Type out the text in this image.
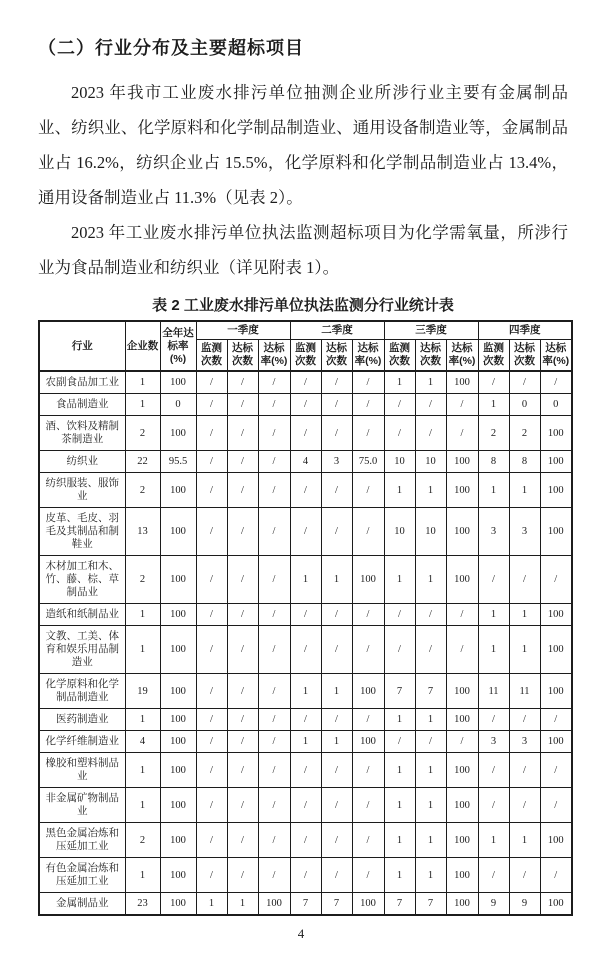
（二）行业分布及主要超标项目

2023 年我市工业废水排污单位抽测企业所涉行业主要有金属制品业、纺织业、化学原料和化学制品制造业、通用设备制造业等，金属制品业占 16.2%，纺织企业占 15.5%，化学原料和化学制品制造业占 13.4%，通用设备制造业占 11.3%（见表 2）。

2023 年工业废水排污单位执法监测超标项目为化学需氧量，所涉行业为食品制造业和纺织业（详见附表 1）。

表 2 工业废水排污单位执法监测分行业统计表
行业	企业数	全年达标率(%)	一季度			二季度			三季度			四季度		
			监测次数	达标次数	达标率(%)	监测次数	达标次数	达标率(%)	监测次数	达标次数	达标率(%)	监测次数	达标次数	达标率(%)
农副食品加工业	1	100	/	/	/	/	/	/	1	1	100	/	/	/
食品制造业	1	0	/	/	/	/	/	/	/	/	/	1	0	0
酒、饮料及精制茶制造业	2	100	/	/	/	/	/	/	/	/	/	2	2	100
纺织业	22	95.5	/	/	/	4	3	75.0	10	10	100	8	8	100
纺织服装、服饰业	2	100	/	/	/	/	/	/	1	1	100	1	1	100
皮革、毛皮、羽毛及其制品和制鞋业	13	100	/	/	/	/	/	/	10	10	100	3	3	100
木材加工和木、竹、藤、棕、草制品业	2	100	/	/	/	1	1	100	1	1	100	/	/	/
造纸和纸制品业	1	100	/	/	/	/	/	/	/	/	/	1	1	100
文教、工美、体育和娱乐用品制造业	1	100	/	/	/	/	/	/	/	/	/	1	1	100
化学原料和化学制品制造业	19	100	/	/	/	1	1	100	7	7	100	11	11	100
医药制造业	1	100	/	/	/	/	/	/	1	1	100	/	/	/
化学纤维制造业	4	100	/	/	/	1	1	100	/	/	/	3	3	100
橡胶和塑料制品业	1	100	/	/	/	/	/	/	1	1	100	/	/	/
非金属矿物制品业	1	100	/	/	/	/	/	/	1	1	100	/	/	/
黑色金属冶炼和压延加工业	2	100	/	/	/	/	/	/	1	1	100	1	1	100
有色金属冶炼和压延加工业	1	100	/	/	/	/	/	/	1	1	100	/	/	/
金属制品业	23	100	1	1	100	7	7	100	7	7	100	9	9	100
4
